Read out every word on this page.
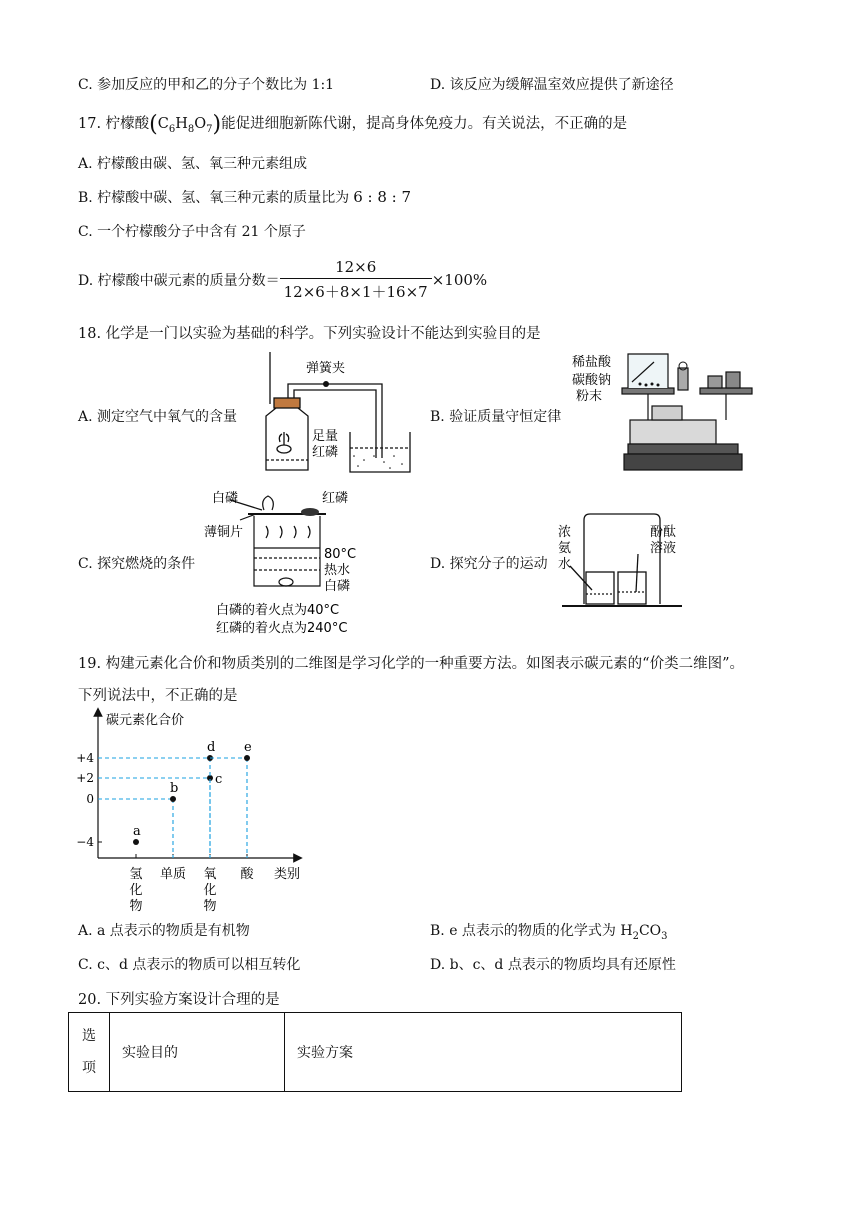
C. 参加反应的甲和乙的分子个数比为 1:1	D. 该反应为缓解温室效应提供了新途径
17. 柠檬酸$(C_6H_8O_7)$能促进细胞新陈代谢，提高身体免疫力。有关说法，不正确的是
A. 柠檬酸由碳、氢、氧三种元素组成
B. 柠檬酸中碳、氢、氧三种元素的质量比为 6 : 8 : 7
C. 一个柠檬酸分子中含有 21 个原子
D. 柠檬酸中碳元素的质量分数＝ $\frac{12\times 6}{12\times 6+8\times 1+16\times 7} \times 100\%$
18. 化学是一门以实验为基础的科学。下列实验设计不能达到实验目的是
A. 测定空气中氧气的含量	B. 验证质量守恒定律
C. 探究燃烧的条件	D. 探究分子的运动
弹簧夹
足量
红磷
稀盐酸
碳酸钠
粉末
白磷	红磷
薄铜片
80°C
热水
白磷
白磷的着火点为40°C
红磷的着火点为240°C
浓
氨
水
酚酞
溶液
19. 构建元素化合价和物质类别的二维图是学习化学的一种重要方法。如图表示碳元素的“价类二维图”。
下列说法中，不正确的是
碳元素化合价
类别
+4
+2
0
−4
氢
化
物
单质 氧
化
物
酸
a
b
c
d e
A. a 点表示的物质是有机物	B. e 点表示的物质的化学式为 $H_2CO_3$
C. c、d 点表示的物质可以相互转化	D. b、c、d 点表示的物质均具有还原性
20. 下列实验方案设计合理的是
选
项	实验目的	实验方案
